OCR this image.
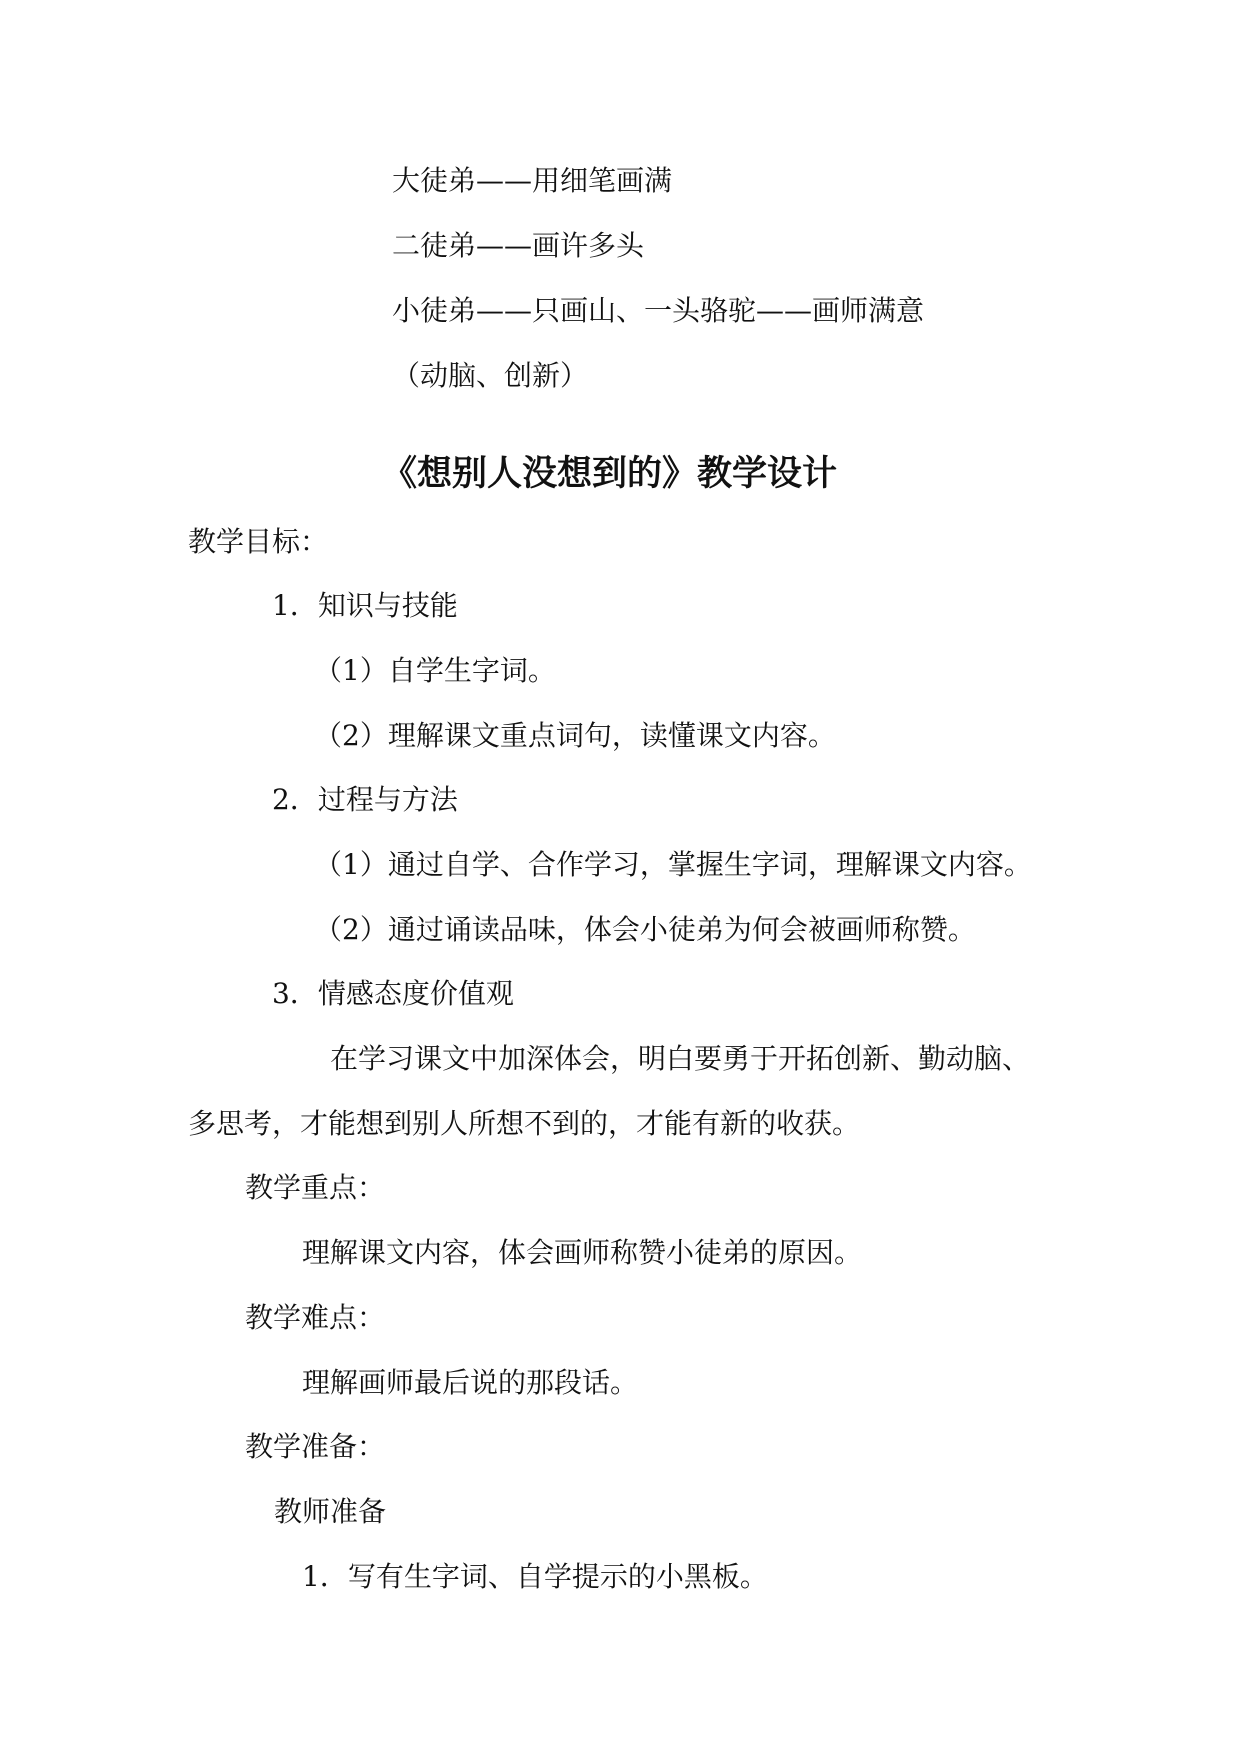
大徒弟——用细笔画满
二徒弟——画许多头
小徒弟——只画山、一头骆驼——画师满意
（动脑、创新）
《想别人没想到的》教学设计
教学目标：
1．知识与技能
（1）自学生字词。
（2）理解课文重点词句，读懂课文内容。
2．过程与方法
（1）通过自学、合作学习，掌握生字词，理解课文内容。
（2）通过诵读品味，体会小徒弟为何会被画师称赞。
3．情感态度价值观
在学习课文中加深体会，明白要勇于开拓创新、勤动脑、
多思考，才能想到别人所想不到的，才能有新的收获。
教学重点：
理解课文内容，体会画师称赞小徒弟的原因。
教学难点：
理解画师最后说的那段话。
教学准备：
教师准备
1．写有生字词、自学提示的小黑板。
